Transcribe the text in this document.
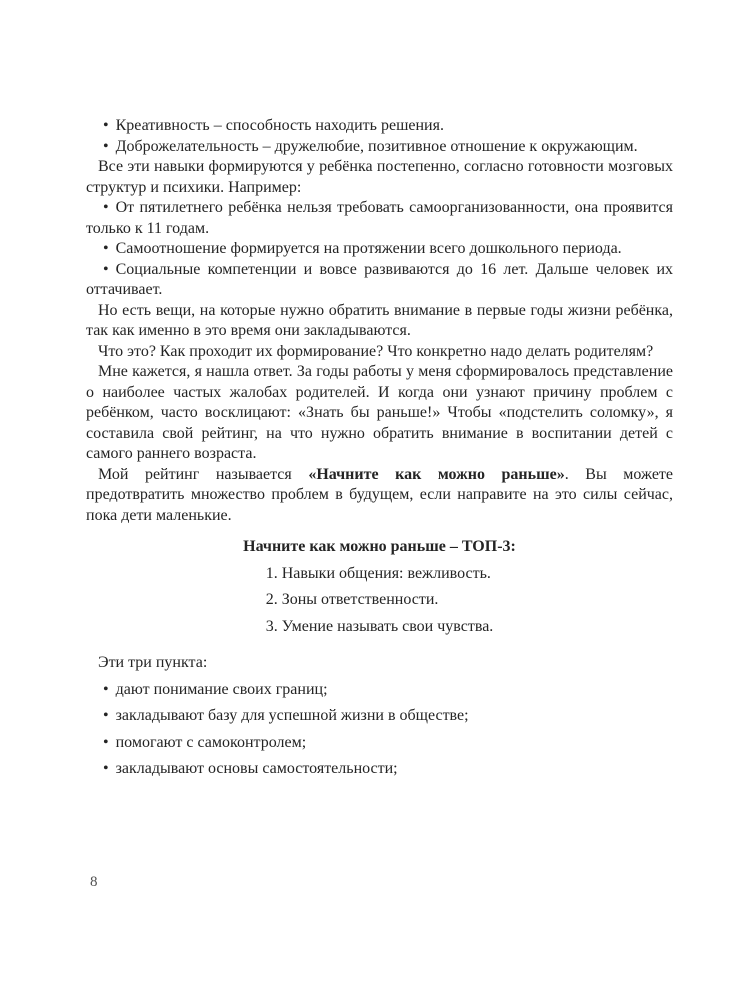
• Креативность – способность находить решения.

• Доброжелательность – дружелюбие, позитивное отношение к окружающим.

Все эти навыки формируются у ребёнка постепенно, согласно готовности мозговых структур и психики. Например:

• От пятилетнего ребёнка нельзя требовать самоорганизованности, она проявится только к 11 годам.

• Самоотношение формируется на протяжении всего дошкольного периода.

• Социальные компетенции и вовсе развиваются до 16 лет. Дальше человек их оттачивает.

Но есть вещи, на которые нужно обратить внимание в первые годы жизни ребёнка, так как именно в это время они закладываются.

Что это? Как проходит их формирование? Что конкретно надо делать родителям?

Мне кажется, я нашла ответ. За годы работы у меня сформировалось представление о наиболее частых жалобах родителей. И когда они узнают причину проблем с ребёнком, часто восклицают: «Знать бы раньше!» Чтобы «подстелить соломку», я составила свой рейтинг, на что нужно обратить внимание в воспитании детей с самого раннего возраста.

Мой рейтинг называется «Начните как можно раньше». Вы можете предотвратить множество проблем в будущем, если направите на это силы сейчас, пока дети маленькие.

Начните как можно раньше – ТОП-3:

1. Навыки общения: вежливость.

2. Зоны ответственности.

3. Умение называть свои чувства.

Эти три пункта:

• дают понимание своих границ;

• закладывают базу для успешной жизни в обществе;

• помогают с самоконтролем;

• закладывают основы самостоятельности;

8
